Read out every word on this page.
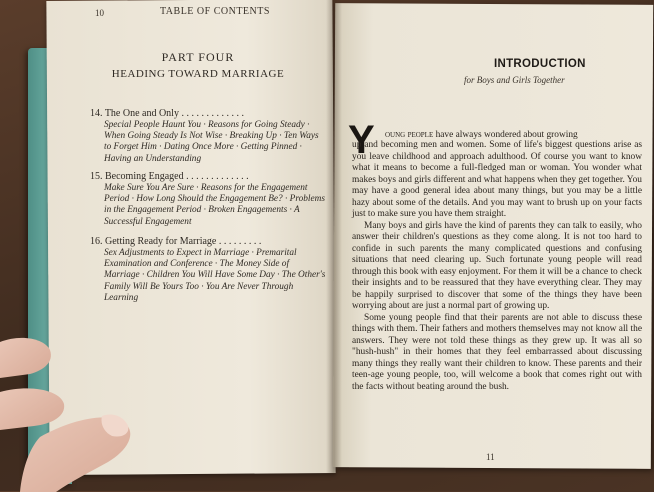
10	TABLE OF CONTENTS
PART FOUR
HEADING TOWARD MARRIAGE
14. The One and Only . . . . . . . . . . . . .
Special People Haunt You · Reasons for Going Steady · When Going Steady Is Not Wise · Breaking Up · Ten Ways to Forget Him · Dating Once More · Getting Pinned · Having an Understanding
15. Becoming Engaged . . . . . . . . . . . . .
Make Sure You Are Sure · Reasons for the Engagement Period · How Long Should the Engagement Be? · Problems in the Engagement Period · Broken Engagements · A Successful Engagement
16. Getting Ready for Marriage . . . . . . . . .
Sex Adjustments to Expect in Marriage · Premarital Examination and Conference · The Money Side of Marriage · Children You Will Have Some Day · The Other's Family Will Be Yours Too · You Are Never Through Learning
INTRODUCTION
for Boys and Girls Together
Y oung people have always wondered about growing

up and becoming men and women. Some of life's biggest questions arise as you leave childhood and approach adulthood. Of course you want to know what it means to become a full-fledged man or woman. You wonder what makes boys and girls different and what happens when they get together. You may have a good general idea about many things, but you may be a little hazy about some of the details. And you may want to brush up on your facts just to make sure you have them straight.

Many boys and girls have the kind of parents they can talk to easily, who answer their children's questions as they come along. It is not too hard to confide in such parents the many complicated questions and confusing situations that need clearing up. Such fortunate young people will read through this book with easy enjoyment. For them it will be a chance to check their insights and to be reassured that they have everything clear. They may be happily surprised to discover that some of the things they have been worrying about are just a normal part of growing up.

Some young people find that their parents are not able to discuss these things with them. Their fathers and mothers themselves may not know all the answers. They were not told these things as they grew up. It was all so "hush-hush" in their homes that they feel embarrassed about discussing many things they really want their children to know. These parents and their teen-age young people, too, will welcome a book that comes right out with the facts without beating around the bush.

11
